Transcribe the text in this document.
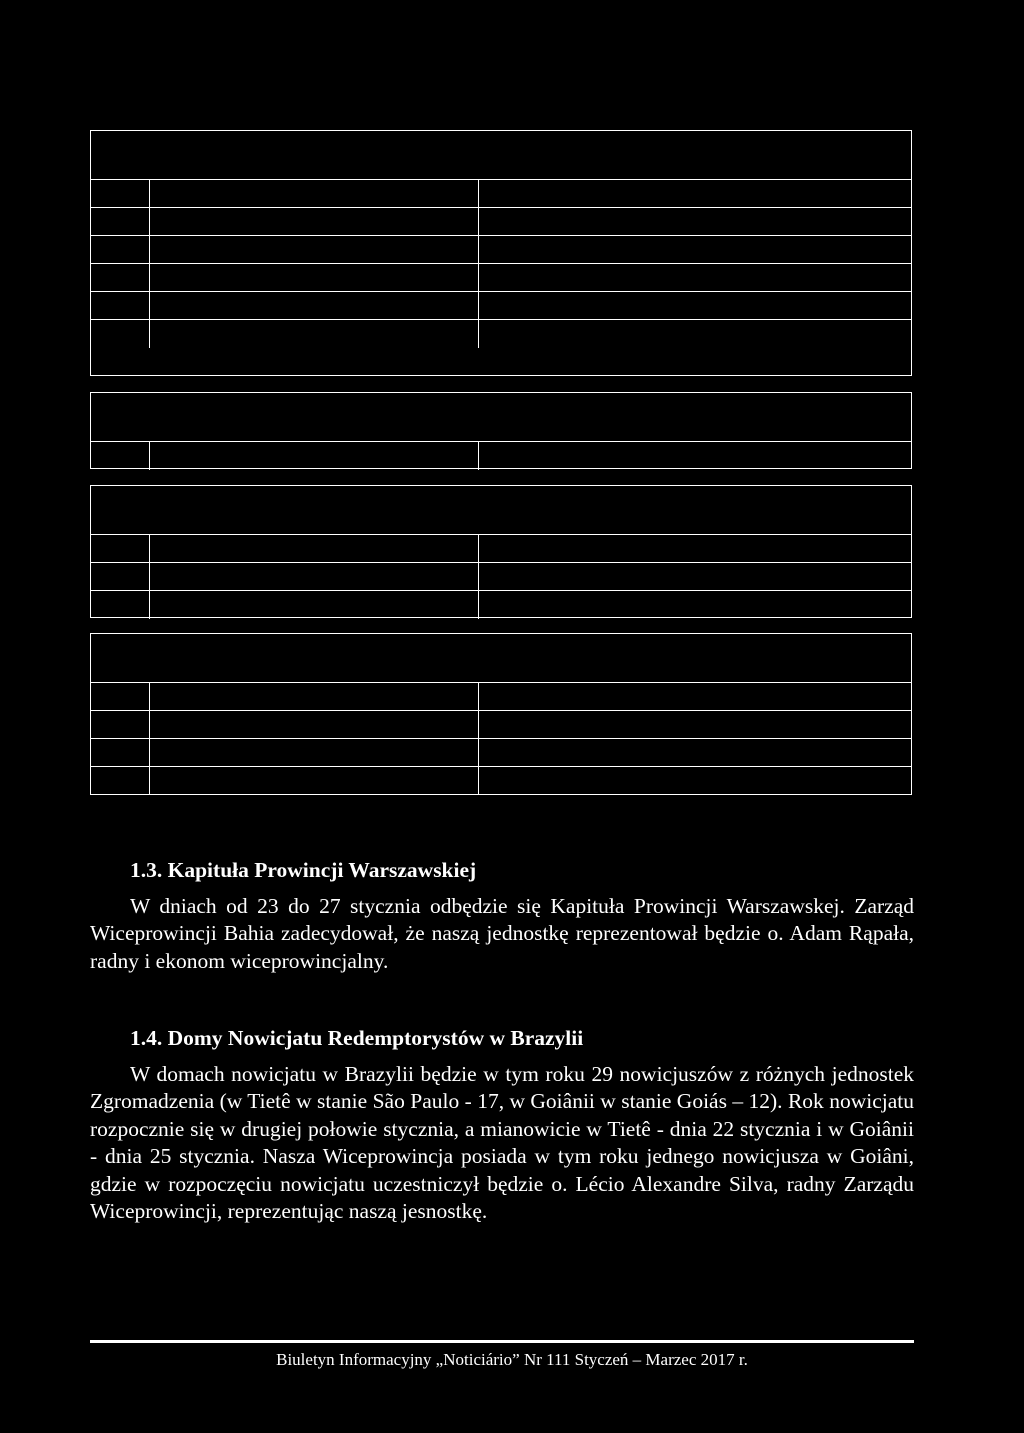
1.3. Kapituła Prowincji Warszawskiej

W dniach od 23 do 27 stycznia odbędzie się Kapituła Prowincji Warszawskej. Zarząd Wiceprowincji Bahia zadecydował, że naszą jednostkę reprezentował będzie o. Adam Rąpała, radny i ekonom wiceprowincjalny.

1.4. Domy Nowicjatu Redemptorystów w Brazylii

W domach nowicjatu w Brazylii będzie w tym roku 29 nowicjuszów z różnych jednostek Zgromadzenia (w Tietê w stanie São Paulo - 17, w Goiânii w stanie Goiás – 12). Rok nowicjatu rozpocznie się w drugiej połowie stycznia, a mianowicie w Tietê - dnia 22 stycznia i w Goiânii - dnia 25 stycznia. Nasza Wiceprowincja posiada w tym roku jednego nowicjusza w Goiâni, gdzie w rozpoczęciu nowicjatu uczestniczył będzie o. Lécio Alexandre Silva, radny Zarządu Wiceprowincji, reprezentując naszą jesnostkę.

Biuletyn Informacyjny „Noticiário” Nr 111 Styczeń – Marzec 2017 r.
